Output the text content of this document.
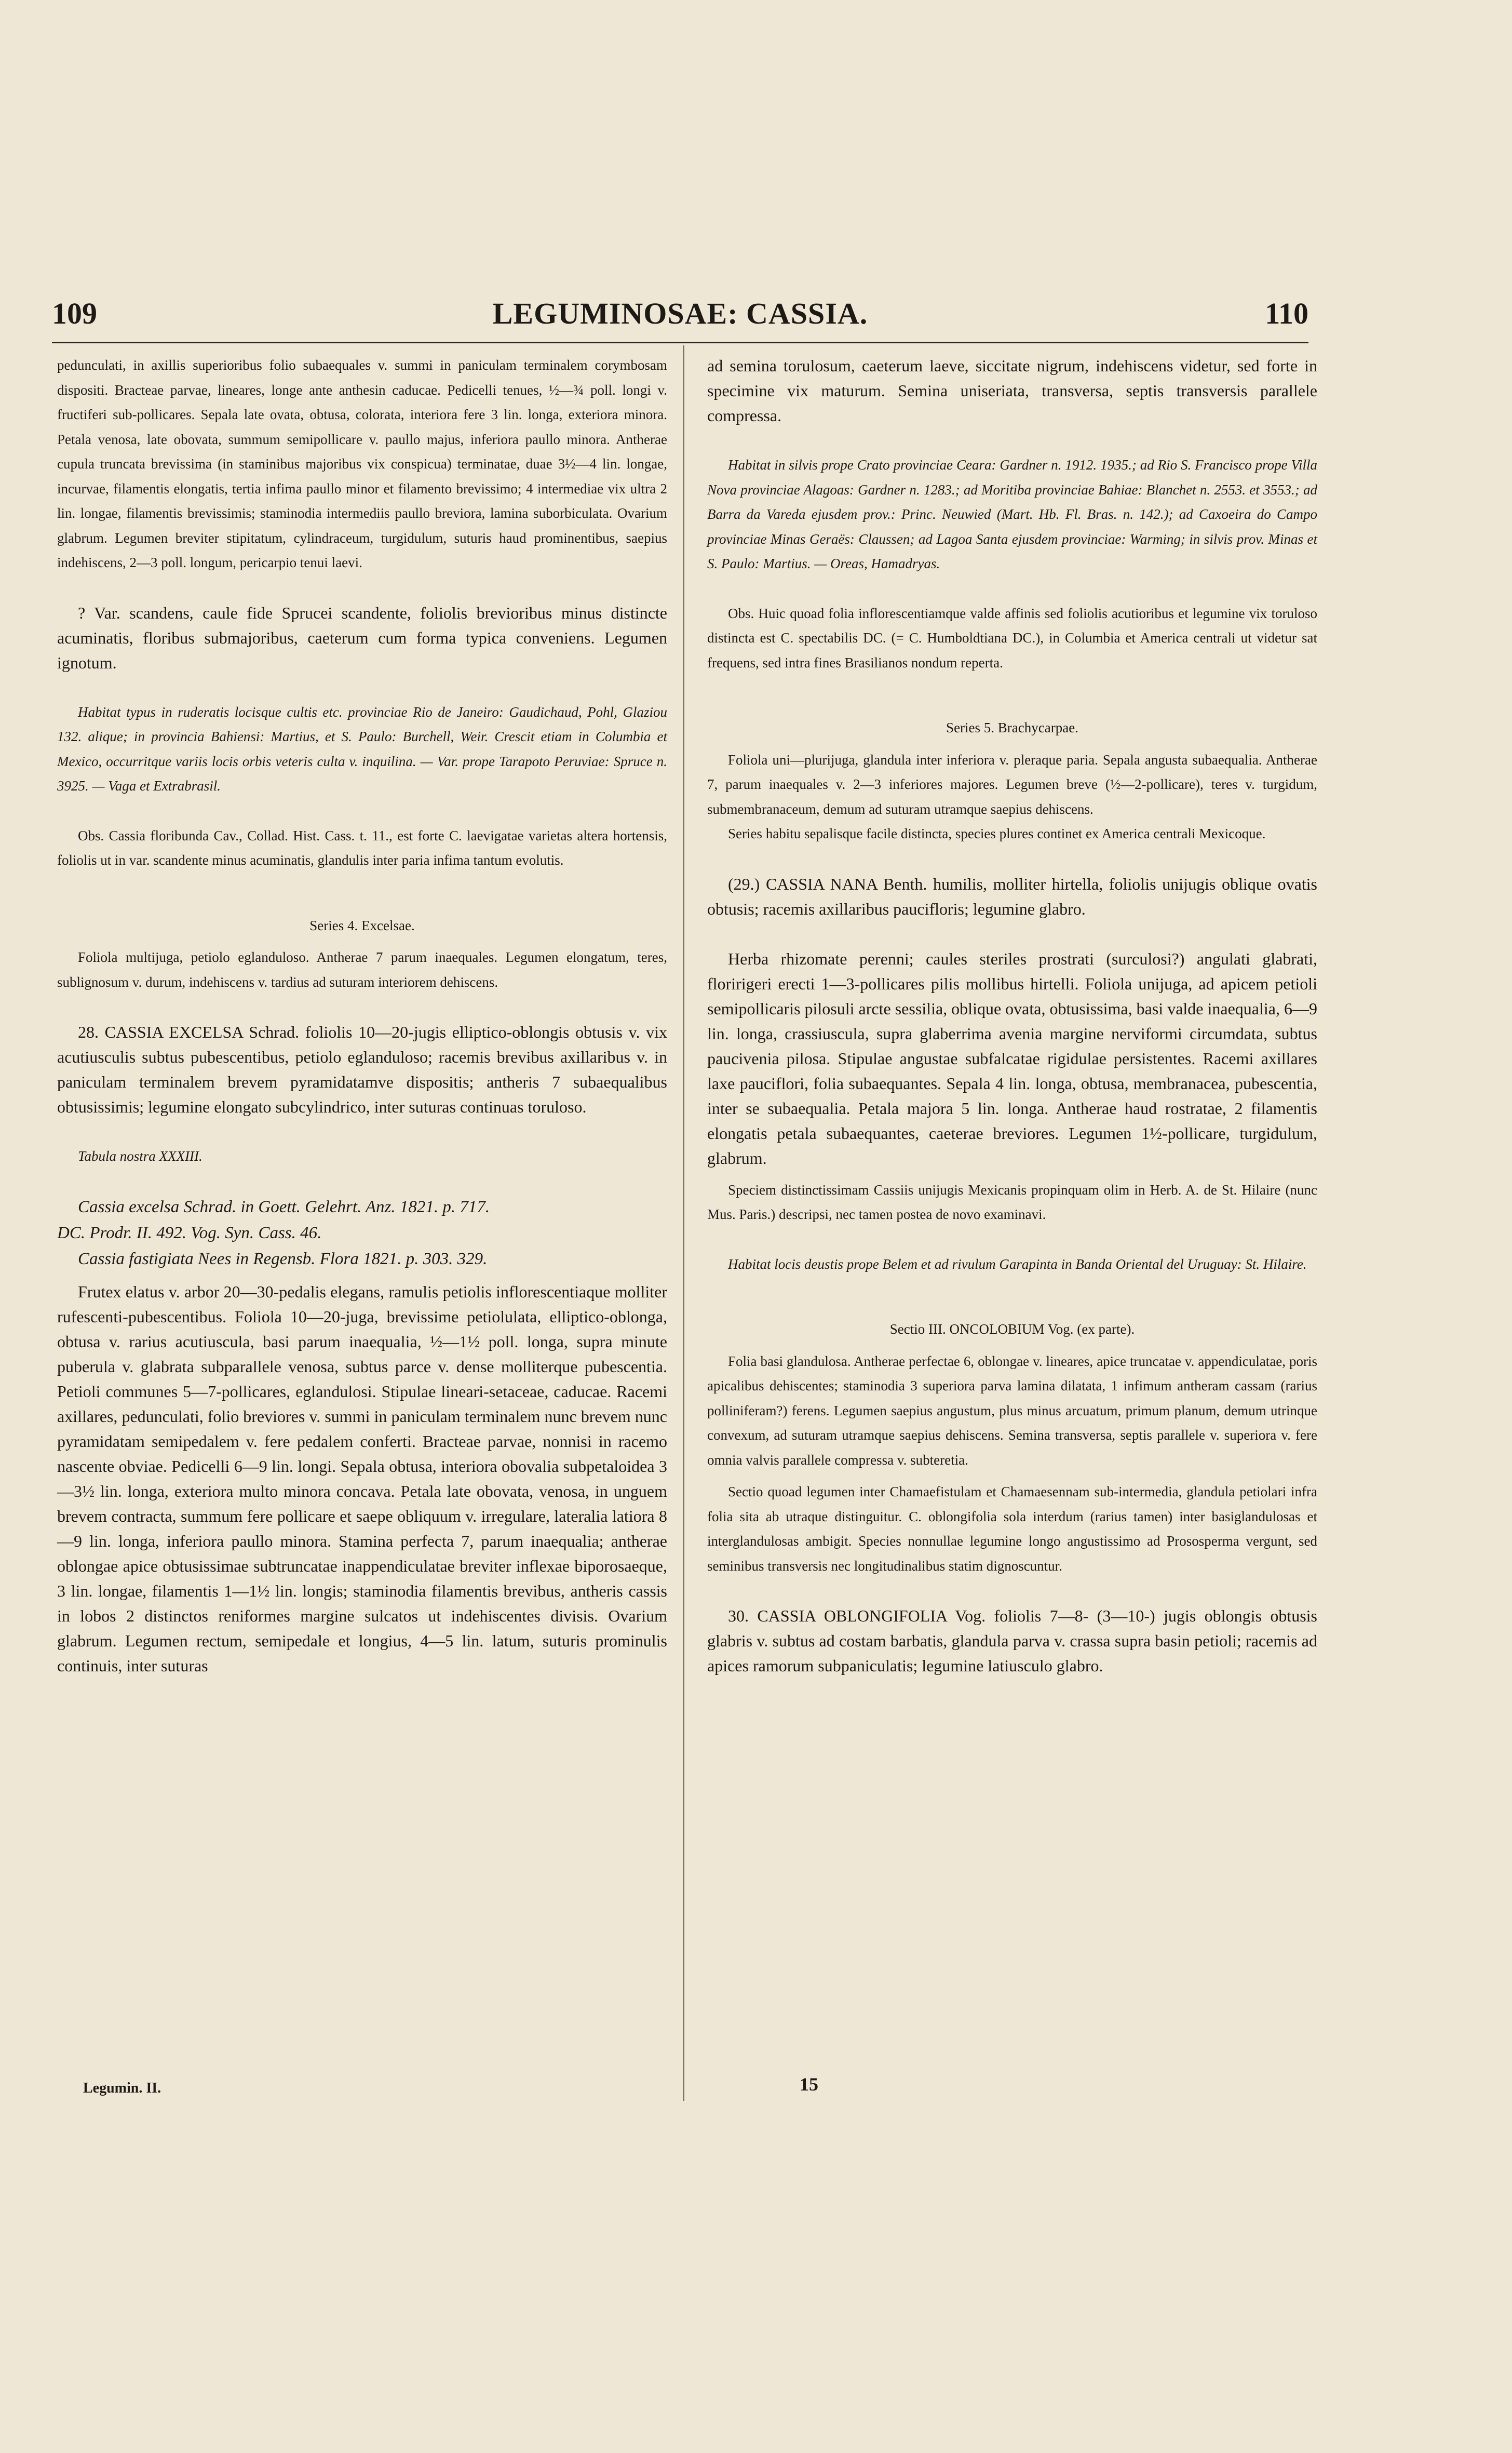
109	LEGUMINOSAE: CASSIA.	110

pedunculati, in axillis superioribus folio subaequales v. summi in paniculam terminalem corymbosam dispositi. Bracteae parvae, lineares, longe ante anthesin caducae. Pedicelli tenues, ½—¾ poll. longi v. fructiferi sub-pollicares. Sepala late ovata, obtusa, colorata, interiora fere 3 lin. longa, exteriora minora. Petala venosa, late obovata, summum semipollicare v. paullo majus, inferiora paullo minora. Antherae cupula truncata brevissima (in staminibus majoribus vix conspicua) terminatae, duae 3½—4 lin. longae, incurvae, filamentis elongatis, tertia infima paullo minor et filamento brevissimo; 4 intermediae vix ultra 2 lin. longae, filamentis brevissimis; staminodia intermediis paullo breviora, lamina suborbiculata. Ovarium glabrum. Legumen breviter stipitatum, cylindraceum, turgidulum, suturis haud prominentibus, saepius indehiscens, 2—3 poll. longum, pericarpio tenui laevi.

? Var. scandens, caule fide Sprucei scandente, foliolis brevioribus minus distincte acuminatis, floribus submajoribus, caeterum cum forma typica conveniens. Legumen ignotum.

Habitat typus in ruderatis locisque cultis etc. provinciae Rio de Janeiro: Gaudichaud, Pohl, Glaziou 132. alique; in provincia Bahiensi: Martius, et S. Paulo: Burchell, Weir. Crescit etiam in Columbia et Mexico, occurritque variis locis orbis veteris culta v. inquilina. — Var. prope Tarapoto Peruviae: Spruce n. 3925. — Vaga et Extrabrasil.

Obs. Cassia floribunda Cav., Collad. Hist. Cass. t. 11., est forte C. laevigatae varietas altera hortensis, foliolis ut in var. scandente minus acuminatis, glandulis inter paria infima tantum evolutis.

Series 4. Excelsae.

Foliola multijuga, petiolo eglanduloso. Antherae 7 parum inaequales. Legumen elongatum, teres, sublignosum v. durum, indehiscens v. tardius ad suturam interiorem dehiscens.

28. CASSIA EXCELSA Schrad. foliolis 10—20-jugis elliptico-oblongis obtusis v. vix acutiusculis subtus pubescentibus, petiolo eglanduloso; racemis brevibus axillaribus v. in paniculam terminalem brevem pyramidatamve dispositis; antheris 7 subaequalibus obtusissimis; legumine elongato subcylindrico, inter suturas continuas toruloso.

Tabula nostra XXXIII.

Cassia excelsa Schrad. in Goett. Gelehrt. Anz. 1821. p. 717.

DC. Prodr. II. 492. Vog. Syn. Cass. 46.

Cassia fastigiata Nees in Regensb. Flora 1821. p. 303. 329.

Frutex elatus v. arbor 20—30-pedalis elegans, ramulis petiolis inflorescentiaque molliter rufescenti-pubescentibus. Foliola 10—20-juga, brevissime petiolulata, elliptico-oblonga, obtusa v. rarius acutiuscula, basi parum inaequalia, ½—1½ poll. longa, supra minute puberula v. glabrata subparallele venosa, subtus parce v. dense molliterque pubescentia. Petioli communes 5—7-pollicares, eglandulosi. Stipulae lineari-setaceae, caducae. Racemi axillares, pedunculati, folio breviores v. summi in paniculam terminalem nunc brevem nunc pyramidatam semipedalem v. fere pedalem conferti. Bracteae parvae, nonnisi in racemo nascente obviae. Pedicelli 6—9 lin. longi. Sepala obtusa, interiora obovalia subpetaloidea 3—3½ lin. longa, exteriora multo minora concava. Petala late obovata, venosa, in unguem brevem contracta, summum fere pollicare et saepe obliquum v. irregulare, lateralia latiora 8—9 lin. longa, inferiora paullo minora. Stamina perfecta 7, parum inaequalia; antherae oblongae apice obtusissimae subtruncatae inappendiculatae breviter inflexae biporosaeque, 3 lin. longae, filamentis 1—1½ lin. longis; staminodia filamentis brevibus, antheris cassis in lobos 2 distinctos reniformes margine sulcatos ut indehiscentes divisis. Ovarium glabrum. Legumen rectum, semipedale et longius, 4—5 lin. latum, suturis prominulis continuis, inter suturas

ad semina torulosum, caeterum laeve, siccitate nigrum, indehiscens videtur, sed forte in specimine vix maturum. Semina uniseriata, transversa, septis transversis parallele compressa.

Habitat in silvis prope Crato provinciae Ceara: Gardner n. 1912. 1935.; ad Rio S. Francisco prope Villa Nova provinciae Alagoas: Gardner n. 1283.; ad Moritiba provinciae Bahiae: Blanchet n. 2553. et 3553.; ad Barra da Vareda ejusdem prov.: Princ. Neuwied (Mart. Hb. Fl. Bras. n. 142.); ad Caxoeira do Campo provinciae Minas Geraës: Claussen; ad Lagoa Santa ejusdem provinciae: Warming; in silvis prov. Minas et S. Paulo: Martius. — Oreas, Hamadryas.

Obs. Huic quoad folia inflorescentiamque valde affinis sed foliolis acutioribus et legumine vix toruloso distincta est C. spectabilis DC. (= C. Humboldtiana DC.), in Columbia et America centrali ut videtur sat frequens, sed intra fines Brasilianos nondum reperta.

Series 5. Brachycarpae.

Foliola uni—plurijuga, glandula inter inferiora v. pleraque paria. Sepala angusta subaequalia. Antherae 7, parum inaequales v. 2—3 inferiores majores. Legumen breve (½—2-pollicare), teres v. turgidum, submembranaceum, demum ad suturam utramque saepius dehiscens.

Series habitu sepalisque facile distincta, species plures continet ex America centrali Mexicoque.

(29.) CASSIA NANA Benth. humilis, molliter hirtella, foliolis unijugis oblique ovatis obtusis; racemis axillaribus paucifloris; legumine glabro.

Herba rhizomate perenni; caules steriles prostrati (surculosi?) angulati glabrati, floririgeri erecti 1—3-pollicares pilis mollibus hirtelli. Foliola unijuga, ad apicem petioli semipollicaris pilosuli arcte sessilia, oblique ovata, obtusissima, basi valde inaequalia, 6—9 lin. longa, crassiuscula, supra glaberrima avenia margine nerviformi circumdata, subtus paucivenia pilosa. Stipulae angustae subfalcatae rigidulae persistentes. Racemi axillares laxe pauciflori, folia subaequantes. Sepala 4 lin. longa, obtusa, membranacea, pubescentia, inter se subaequalia. Petala majora 5 lin. longa. Antherae haud rostratae, 2 filamentis elongatis petala subaequantes, caeterae breviores. Legumen 1½-pollicare, turgidulum, glabrum.

Speciem distinctissimam Cassiis unijugis Mexicanis propinquam olim in Herb. A. de St. Hilaire (nunc Mus. Paris.) descripsi, nec tamen postea de novo examinavi.

Habitat locis deustis prope Belem et ad rivulum Garapinta in Banda Oriental del Uruguay: St. Hilaire.

Sectio III. ONCOLOBIUM Vog. (ex parte).

Folia basi glandulosa. Antherae perfectae 6, oblongae v. lineares, apice truncatae v. appendiculatae, poris apicalibus dehiscentes; staminodia 3 superiora parva lamina dilatata, 1 infimum antheram cassam (rarius polliniferam?) ferens. Legumen saepius angustum, plus minus arcuatum, primum planum, demum utrinque convexum, ad suturam utramque saepius dehiscens. Semina transversa, septis parallele v. superiora v. fere omnia valvis parallele compressa v. subteretia.

Sectio quoad legumen inter Chamaefistulam et Chamaesennam sub-intermedia, glandula petiolari infra folia sita ab utraque distinguitur. C. oblongifolia sola interdum (rarius tamen) inter basiglandulosas et interglandulosas ambigit. Species nonnullae legumine longo angustissimo ad Prososperma vergunt, sed seminibus transversis nec longitudinalibus statim dignoscuntur.

30. CASSIA OBLONGIFOLIA Vog. foliolis 7—8- (3—10-) jugis oblongis obtusis glabris v. subtus ad costam barbatis, glandula parva v. crassa supra basin petioli; racemis ad apices ramorum subpaniculatis; legumine latiusculo glabro.

Legumin. II.	15
